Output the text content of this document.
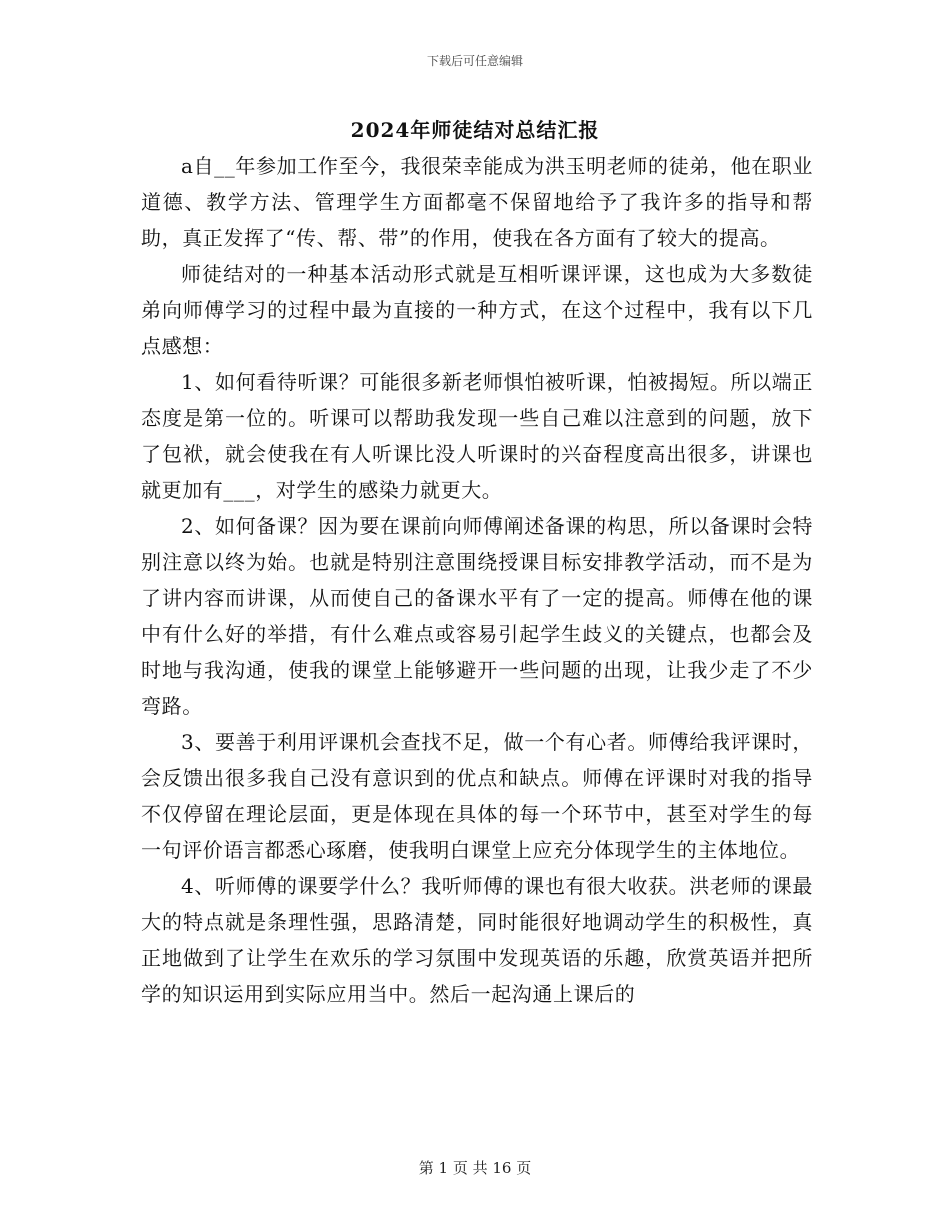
下载后可任意编辑
2024年师徒结对总结汇报

a自__年参加工作至今，我很荣幸能成为洪玉明老师的徒弟，他在职业道德、教学方法、管理学生方面都毫不保留地给予了我许多的指导和帮助，真正发挥了“传、帮、带”的作用，使我在各方面有了较大的提高。

师徒结对的一种基本活动形式就是互相听课评课，这也成为大多数徒弟向师傅学习的过程中最为直接的一种方式，在这个过程中，我有以下几点感想：

1、如何看待听课？可能很多新老师惧怕被听课，怕被揭短。所以端正态度是第一位的。听课可以帮助我发现一些自己难以注意到的问题，放下了包袱，就会使我在有人听课比没人听课时的兴奋程度高出很多，讲课也就更加有___，对学生的感染力就更大。

2、如何备课？因为要在课前向师傅阐述备课的构思，所以备课时会特别注意以终为始。也就是特别注意围绕授课目标安排教学活动，而不是为了讲内容而讲课，从而使自己的备课水平有了一定的提高。师傅在他的课中有什么好的举措，有什么难点或容易引起学生歧义的关键点，也都会及时地与我沟通，使我的课堂上能够避开一些问题的出现，让我少走了不少弯路。

3、要善于利用评课机会查找不足，做一个有心者。师傅给我评课时，会反馈出很多我自己没有意识到的优点和缺点。师傅在评课时对我的指导不仅停留在理论层面，更是体现在具体的每一个环节中，甚至对学生的每一句评价语言都悉心琢磨，使我明白课堂上应充分体现学生的主体地位。

4、听师傅的课要学什么？我听师傅的课也有很大收获。洪老师的课最大的特点就是条理性强，思路清楚，同时能很好地调动学生的积极性，真正地做到了让学生在欢乐的学习氛围中发现英语的乐趣，欣赏英语并把所学的知识运用到实际应用当中。然后一起沟通上课后的

第 1 页 共 16 页
